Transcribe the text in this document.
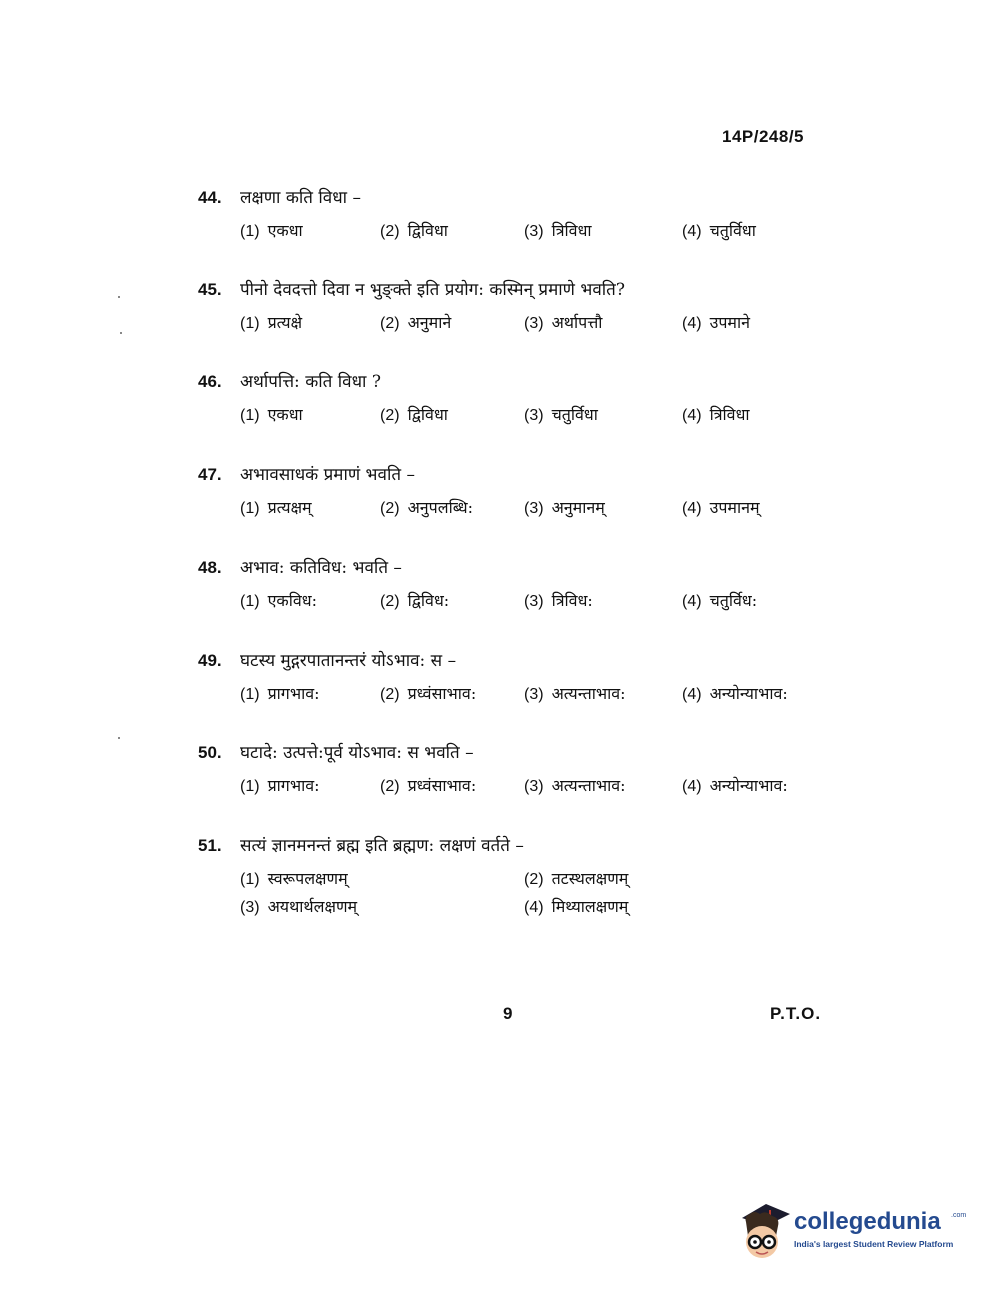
14P/248/5
44.	लक्षणा कति विधा –
(1) एकधा	(2) द्विविधा	(3) त्रिविधा	(4) चतुर्विधा
45.	पीनो देवदत्तो दिवा न भुङ्क्ते इति प्रयोग: कस्मिन् प्रमाणे भवति?
(1) प्रत्यक्षे	(2) अनुमाने	(3) अर्थापत्तौ	(4) उपमाने
46.	अर्थापत्ति: कति विधा ?
(1) एकधा	(2) द्विविधा	(3) चतुर्विधा	(4) त्रिविधा
47.	अभावसाधकं प्रमाणं भवति –
(1) प्रत्यक्षम्	(2) अनुपलब्धि:	(3) अनुमानम्	(4) उपमानम्
48.	अभाव: कतिविध: भवति –
(1) एकविध:	(2) द्विविध:	(3) त्रिविध:	(4) चतुर्विध:
49.	घटस्य मुद्गरपातानन्तरं योऽभाव: स –
(1) प्रागभाव:	(2) प्रध्वंसाभाव:	(3) अत्यन्ताभाव:	(4) अन्योन्याभाव:
50.	घटादे: उत्पत्ते:पूर्व योऽभाव: स भवति –
(1) प्रागभाव:	(2) प्रध्वंसाभाव:	(3) अत्यन्ताभाव:	(4) अन्योन्याभाव:
51.	सत्यं ज्ञानमनन्तं ब्रह्म इति ब्रह्मण: लक्षणं वर्तते –
(1) स्वरूपलक्षणम्	(2) तटस्थलक्षणम्
(3) अयथार्थलक्षणम्	(4) मिथ्यालक्षणम्
9	P.T.O.
collegedunia .com
India's largest Student Review Platform
